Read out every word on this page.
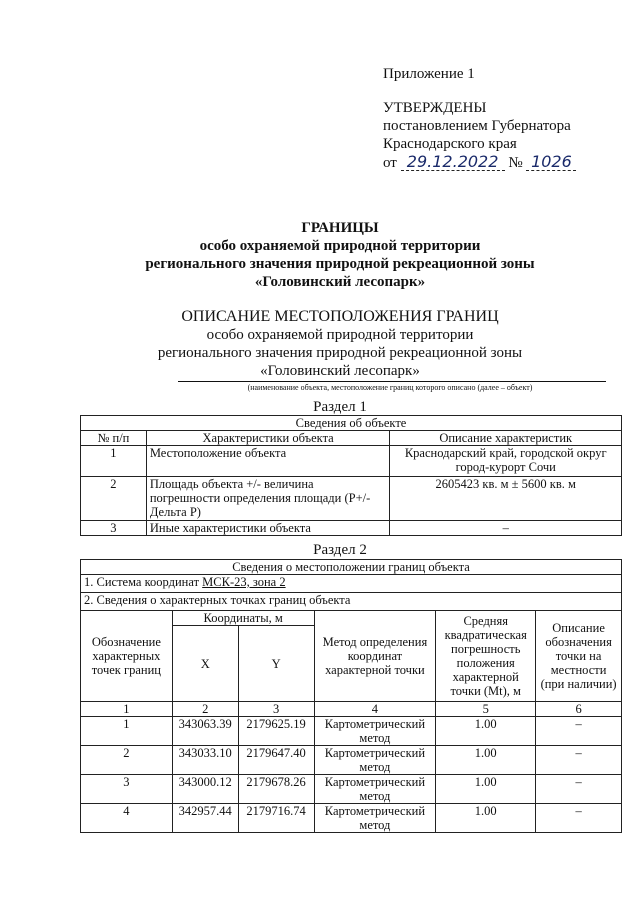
Приложение 1
УТВЕРЖДЕНЫ
постановлением Губернатора
Краснодарского края
от 29.12.2022 № 1026
ГРАНИЦЫ
особо охраняемой природной территории
регионального значения природной рекреационной зоны
«Головинский лесопарк»
ОПИСАНИЕ МЕСТОПОЛОЖЕНИЯ ГРАНИЦ
особо охраняемой природной территории
регионального значения природной рекреационной зоны
«Головинский лесопарк»
(наименование объекта, местоположение границ которого описано (далее – объект)
Раздел 1
Сведения об объекте		
№ п/п	Характеристики объекта	Описание характеристик
1	Местоположение объекта	Краснодарский край, городской округ город-курорт Сочи
2	Площадь объекта +/- величина погрешности определения площади (P+/- Дельта P)	2605423 кв. м ± 5600 кв. м
3	Иные характеристики объекта	–
Раздел 2
Сведения о местоположении границ объекта					
1. Система координат МСК-23, зона 2					
2. Сведения о характерных точках границ объекта					
Обозначение характерных точек границ	Координаты, м		Метод определения координат характерной точки	Средняя квадратическая погрешность положения характерной точки (Mt), м	Описание обозначения точки на местности (при наличии)
	X	Y			
1	2	3	4	5	6
1	343063.39	2179625.19	Картометрический метод	1.00	–
2	343033.10	2179647.40	Картометрический метод	1.00	–
3	343000.12	2179678.26	Картометрический метод	1.00	–
4	342957.44	2179716.74	Картометрический метод	1.00	–
